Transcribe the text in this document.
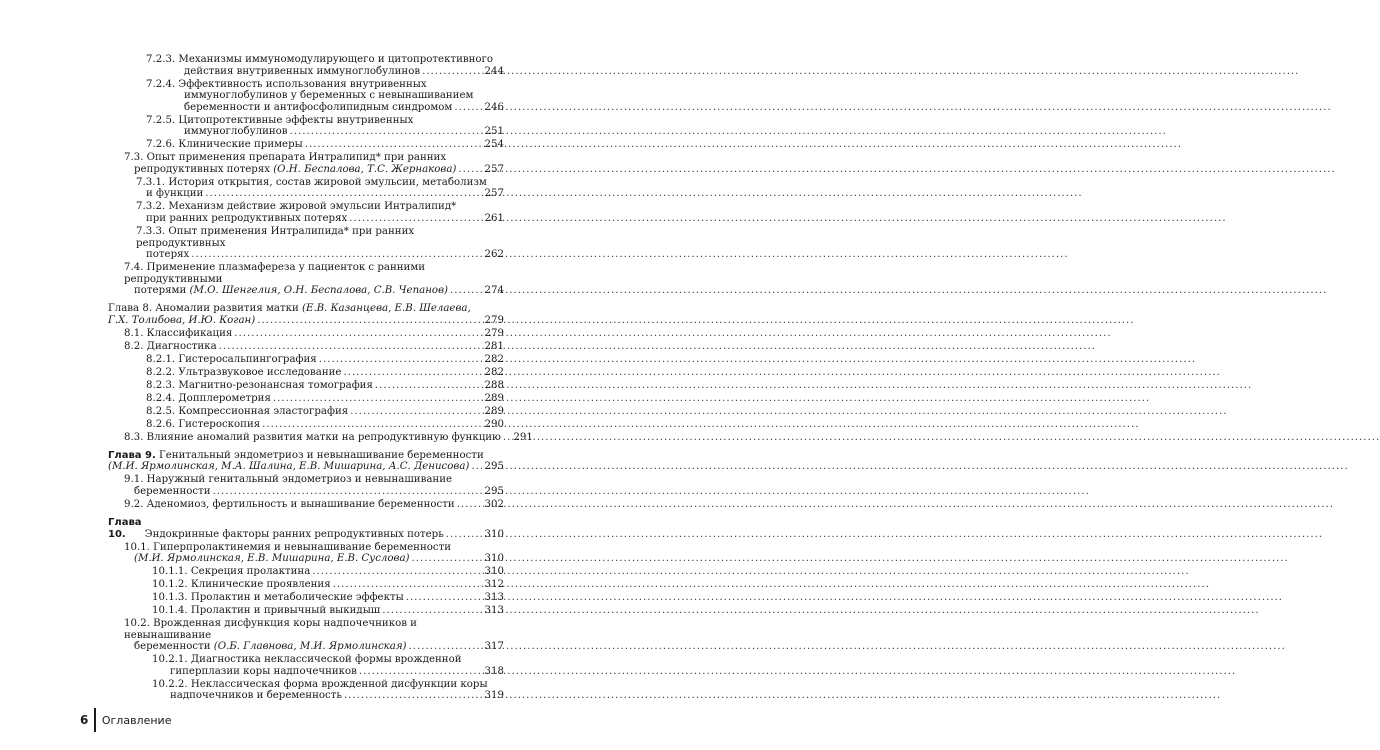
7.2.3. Механизмы иммуномодулирующего и цитопротективного
действия внутривенных иммуноглобулинов .....	244
7.2.4. Эффективность использования внутривенных
иммуноглобулинов у беременных с невынашиванием
беременности и антифосфолипидным синдромом .....	246
7.2.5. Цитопротективные эффекты внутривенных
иммуноглобулинов .....	251
7.2.6. Клинические примеры .....	254
7.3. Опыт применения препарата Интралипид* при ранних
репродуктивных потерях (О.Н. Беспалова, Т.С. Жернакова) .....	257
7.3.1. История открытия, состав жировой эмульсии, метаболизм
и функции .....	257
7.3.2. Механизм действие жировой эмульсии Интралипид*
при ранних репродуктивных потерях .....	261
7.3.3. Опыт применения Интралипида* при ранних репродуктивных
потерях .....	262
7.4. Применение плазмафереза у пациенток с ранними репродуктивными
потерями (М.О. Шенгелия, О.Н. Беспалова, С.В. Чепанов) .....	274
Глава 8. Аномалии развития матки (Е.В. Казанцева, Е.В. Шелаева,
Г.Х. Толибова, И.Ю. Коган) .....	279
8.1. Классификация .....	279
8.2. Диагностика .....	281
8.2.1. Гистеросальпингография .....	282
8.2.2. Ультразвуковое исследование .....	282
8.2.3. Магнитно-резонансная томография .....	288
8.2.4. Допплерометрия .....	289
8.2.5. Компрессионная эластография .....	289
8.2.6. Гистероскопия .....	290
8.3. Влияние аномалий развития матки на репродуктивную функцию ..... 291
Глава 9. Генитальный эндометриоз и невынашивание беременности
(М.И. Ярмолинская, М.А. Шалина, Е.В. Мишарина, А.С. Денисова) ..... 295
9.1. Наружный генитальный эндометриоз и невынашивание
беременности .....	295
9.2. Аденомиоз, фертильность и вынашивание беременности .....	302
Глава 10.
	Эндокринные факторы ранних репродуктивных потерь .....	310
10.1. Гиперпролактинемия и невынашивание беременности
(М.И. Ярмолинская, Е.В. Мишарина, Е.В. Суслова) .....	310
10.1.1. Секреция пролактина .....	310
10.1.2. Клинические проявления .....	312
10.1.3. Пролактин и метаболические эффекты .....	313
10.1.4. Пролактин и привычный выкидыш .....	313
10.2. Врожденная дисфункция коры надпочечников и невынашивание
беременности (О.Б. Главнова, М.И. Ярмолинская) .....	317
10.2.1. Диагностика неклассической формы врожденной
гиперплазии коры надпочечников .....	318
10.2.2. Неклассическая форма врожденной дисфункции коры
надпочечников и беременность .....	319
6 Оглавление
